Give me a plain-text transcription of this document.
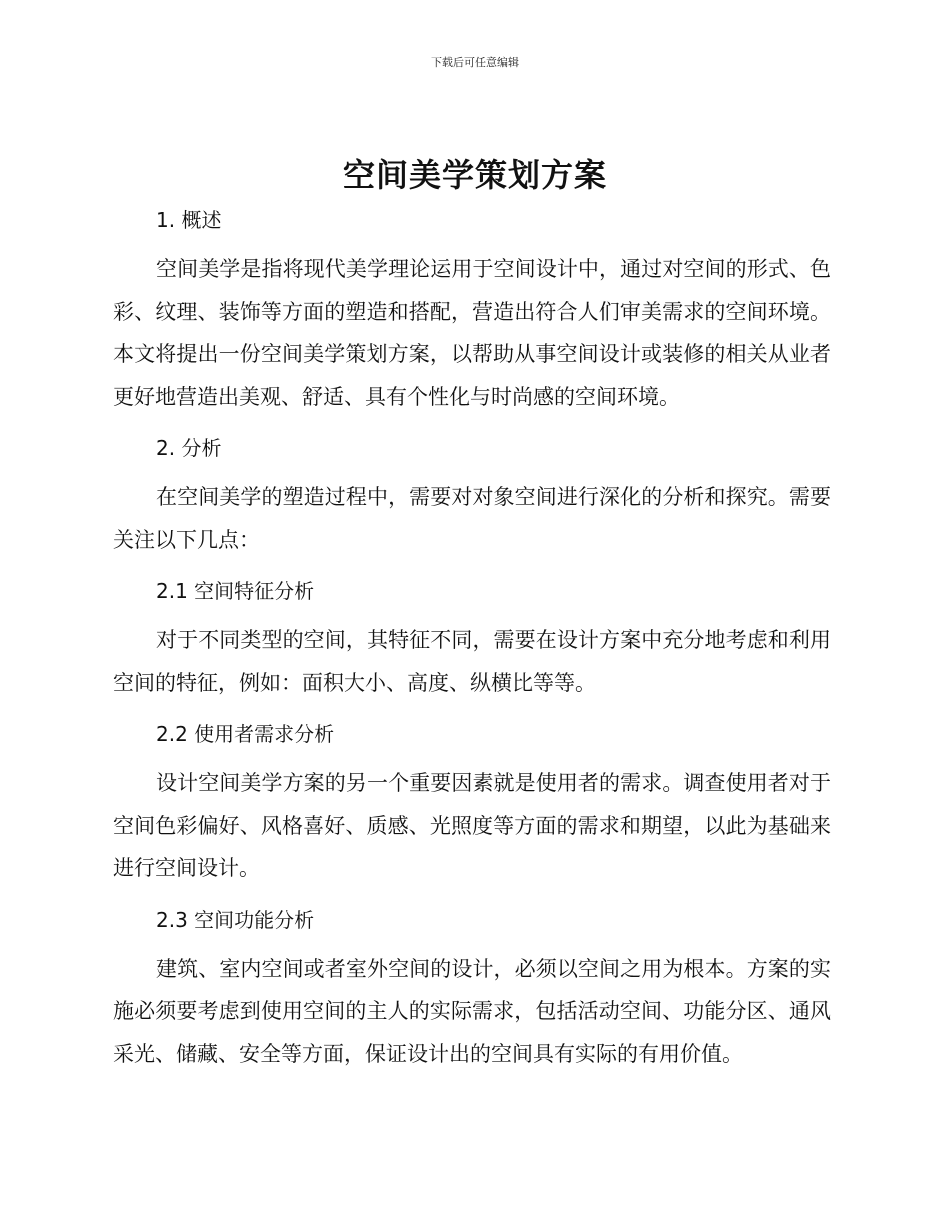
下载后可任意编辑
空间美学策划方案
1. 概述

空间美学是指将现代美学理论运用于空间设计中，通过对空间的形式、色彩、纹理、装饰等方面的塑造和搭配，营造出符合人们审美需求的空间环境。本文将提出一份空间美学策划方案，以帮助从事空间设计或装修的相关从业者更好地营造出美观、舒适、具有个性化与时尚感的空间环境。

2. 分析

在空间美学的塑造过程中，需要对对象空间进行深化的分析和探究。需要关注以下几点：

2.1 空间特征分析

对于不同类型的空间，其特征不同，需要在设计方案中充分地考虑和利用空间的特征，例如：面积大小、高度、纵横比等等。

2.2 使用者需求分析

设计空间美学方案的另一个重要因素就是使用者的需求。调查使用者对于空间色彩偏好、风格喜好、质感、光照度等方面的需求和期望，以此为基础来进行空间设计。

2.3 空间功能分析

建筑、室内空间或者室外空间的设计，必须以空间之用为根本。方案的实施必须要考虑到使用空间的主人的实际需求，包括活动空间、功能分区、通风采光、储藏、安全等方面，保证设计出的空间具有实际的有用价值。
